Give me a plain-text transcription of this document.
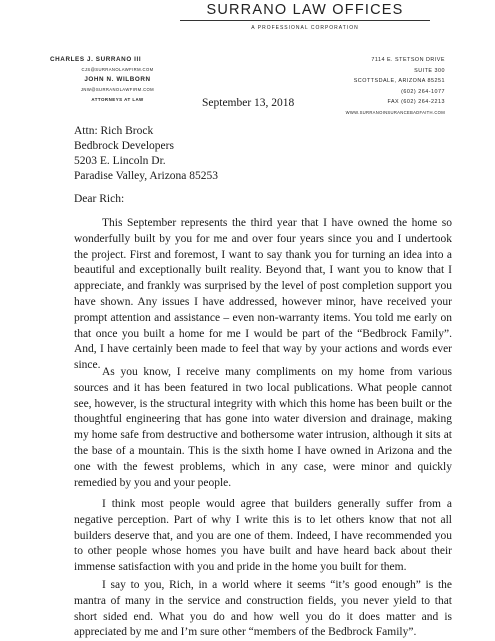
SURRANO LAW OFFICES
A PROFESSIONAL CORPORATION
CHARLES J. SURRANO III
CJS@SURRANOLAWFIRM.COM
JOHN N. WILBORN
JNW@SURRANOLAWFIRM.COM
ATTORNEYS AT LAW
7114 E. STETSON DRIVE
SUITE 300
SCOTTSDALE, ARIZONA 85251
(602) 264-1077
FAX (602) 264-2213
WWW.SURRANOINSURANCEBADFAITH.COM
September 13, 2018
Attn: Rich Brock
Bedbrock Developers
5203 E. Lincoln Dr.
Paradise Valley, Arizona 85253
Dear Rich:

This September represents the third year that I have owned the home so wonderfully built by you for me and over four years since you and I undertook the project. First and foremost, I want to say thank you for turning an idea into a beautiful and exceptionally built reality. Beyond that, I want you to know that I appreciate, and frankly was surprised by the level of post completion support you have shown. Any issues I have addressed, however minor, have received your prompt attention and assistance – even non-warranty items. You told me early on that once you built a home for me I would be part of the “Bedbrock Family”. And, I have certainly been made to feel that way by your actions and words ever since.

As you know, I receive many compliments on my home from various sources and it has been featured in two local publications. What people cannot see, however, is the structural integrity with which this home has been built or the thoughtful engineering that has gone into water diversion and drainage, making my home safe from destructive and bothersome water intrusion, although it sits at the base of a mountain. This is the sixth home I have owned in Arizona and the one with the fewest problems, which in any case, were minor and quickly remedied by you and your people.

I think most people would agree that builders generally suffer from a negative perception. Part of why I write this is to let others know that not all builders deserve that, and you are one of them. Indeed, I have recommended you to other people whose homes you have built and have heard back about their immense satisfaction with you and pride in the home you built for them.

I say to you, Rich, in a world where it seems “it’s good enough” is the mantra of many in the service and construction fields, you never yield to that short sided end. What you do and how well you do it does matter and is appreciated by me and I’m sure other “members of the Bedbrock Family”.
